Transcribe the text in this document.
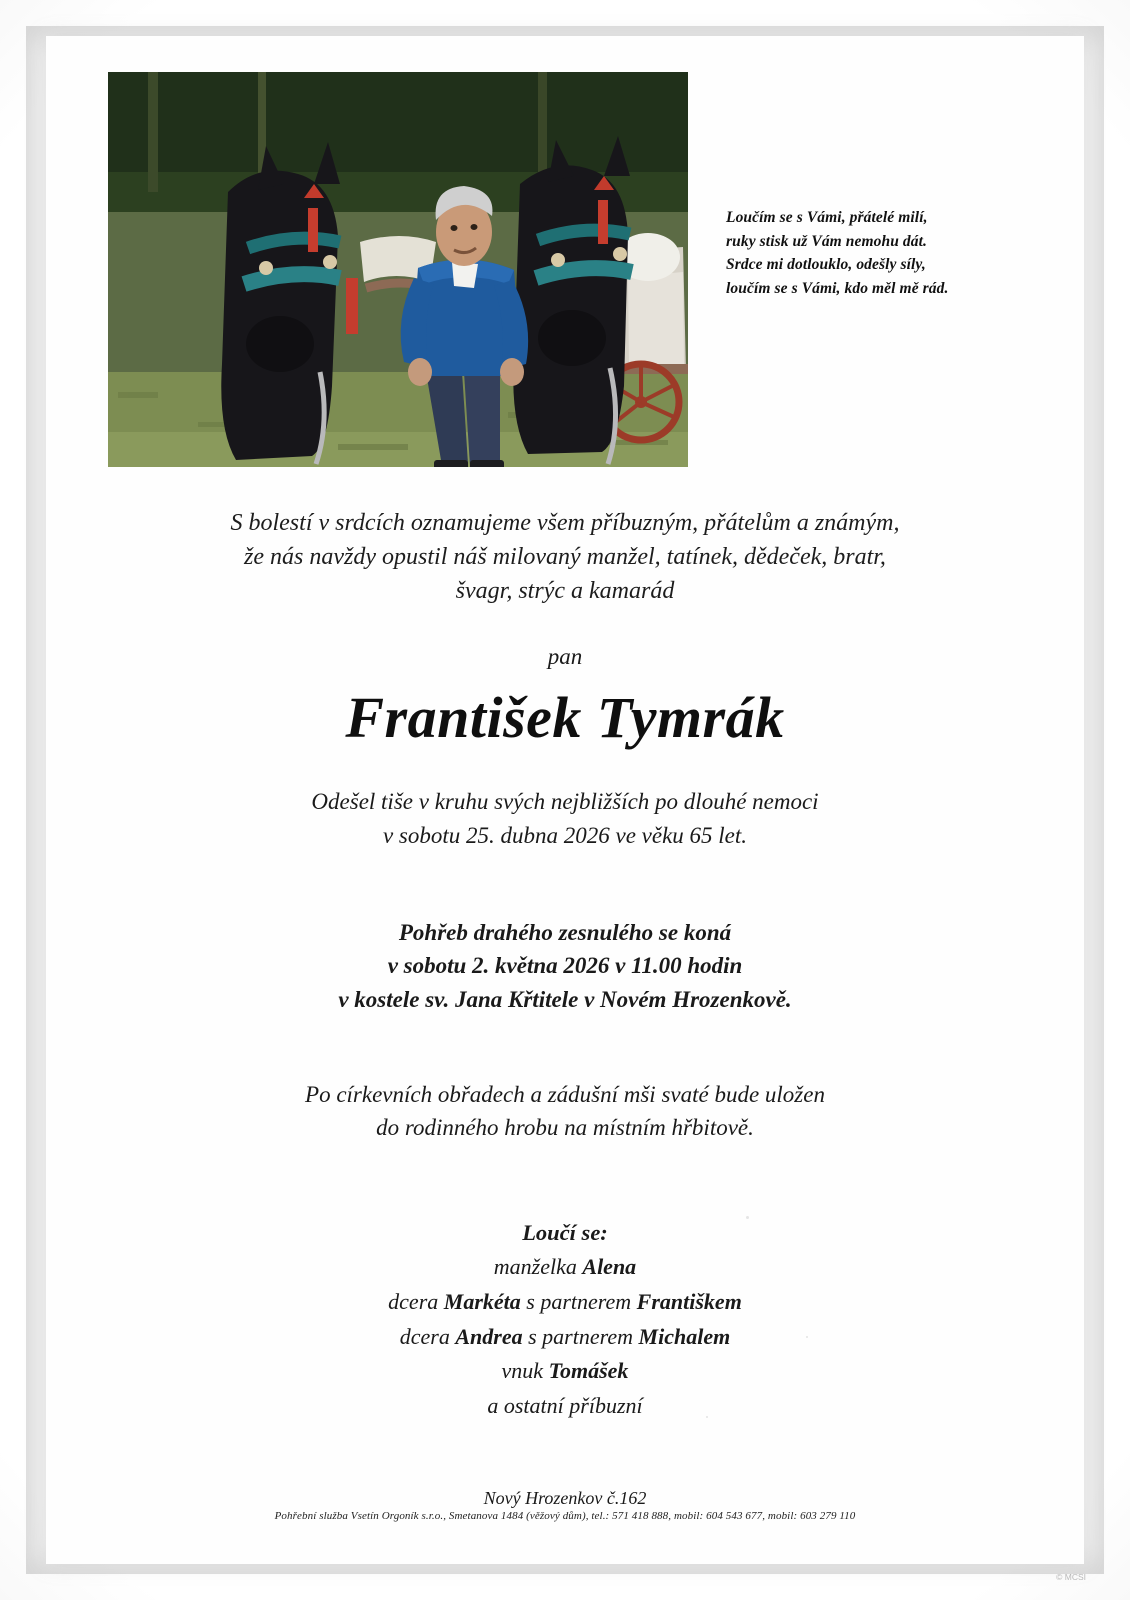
Loučím se s Vámi, přátelé milí,
ruky stisk už Vám nemohu dát.
Srdce mi dotlouklo, odešly síly,
loučím se s Vámi, kdo měl mě rád.
S bolestí v srdcích oznamujeme všem příbuzným, přátelům a známým,
že nás navždy opustil náš milovaný manžel, tatínek, dědeček, bratr,
švagr, strýc a kamarád
pan
František Tymrák
Odešel tiše v kruhu svých nejbližších po dlouhé nemoci
v sobotu 25. dubna 2026 ve věku 65 let.
Pohřeb drahého zesnulého se koná
v sobotu 2. května 2026 v 11.00 hodin
v kostele sv. Jana Křtitele v Novém Hrozenkově.
Po církevních obřadech a zádušní mši svaté bude uložen
do rodinného hrobu na místním hřbitově.
Loučí se:
manželka Alena
dcera Markéta s partnerem Františkem
dcera Andrea s partnerem Michalem
vnuk Tomášek
a ostatní příbuzní
Nový Hrozenkov č.162
Pohřební služba Vsetín Orgoník s.r.o., Smetanova 1484 (věžový dům), tel.: 571 418 888, mobil: 604 543 677, mobil: 603 279 110
© MCSI
